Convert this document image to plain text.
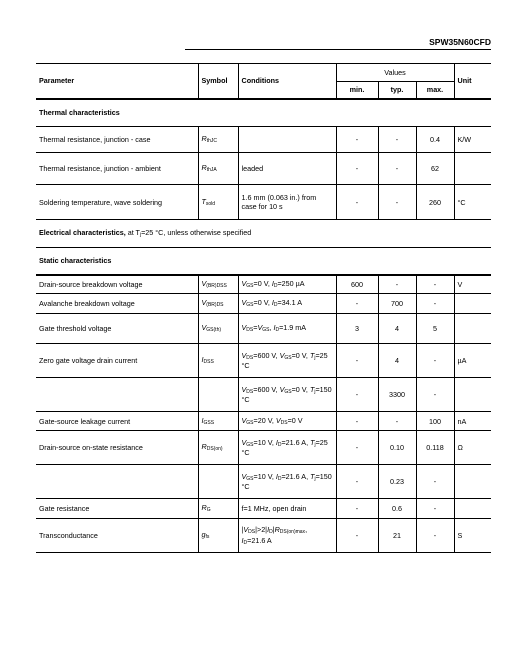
SPW35N60CFD
Parameter	Symbol	Conditions	Values			Unit
			min.	typ.	max.	
Thermal characteristics						
Thermal resistance, junction - case	$R_{thJC}$		-	-	0.4	K/W
Thermal resistance, junction - ambient	$R_{thJA}$	leaded	-	-	62	
Soldering temperature, wave soldering	$T_{sold}$	1.6 mm (0.063 in.) from case for 10 s	-	-	260	°C
Electrical characteristics, at $T_j=25$ °C, unless otherwise specified						
Static characteristics						
Drain-source breakdown voltage	$V_{(BR)DSS}$	$V_{GS}=0$ V, $I_D=250$ µA	600	-	-	V
Avalanche breakdown voltage	$V_{(BR)DS}$	$V_{GS}=0$ V, $I_D=34.1$ A	-	700	-	
Gate threshold voltage	$V_{GS(th)}$	$V_{DS}=V_{GS}$, $I_D=1.9$ mA	3	4	5	
Zero gate voltage drain current	$I_{DSS}$	$V_{DS}=600$ V, $V_{GS}=0$ V, $T_j=25$ °C	-	4	-	µA
		$V_{DS}=600$ V, $V_{GS}=0$ V, $T_j=150$ °C	-	3300	-	
Gate-source leakage current	$I_{GSS}$	$V_{GS}=20$ V, $V_{DS}=0$ V	-	-	100	nA
Drain-source on-state resistance	$R_{DS(on)}$	$V_{GS}=10$ V, $I_D=21.6$ A, $T_j=25$ °C	-	0.10	0.118	Ω
		$V_{GS}=10$ V, $I_D=21.6$ A, $T_j=150$ °C	-	0.23	-	
Gate resistance	$R_G$	f=1 MHz, open drain	-	0.6	-	
Transconductance	$g_{fs}$	$|V_{DS}|>2|I_D|R_{DS(on)max}$, $I_D=21.6$ A	-	21	-	S
